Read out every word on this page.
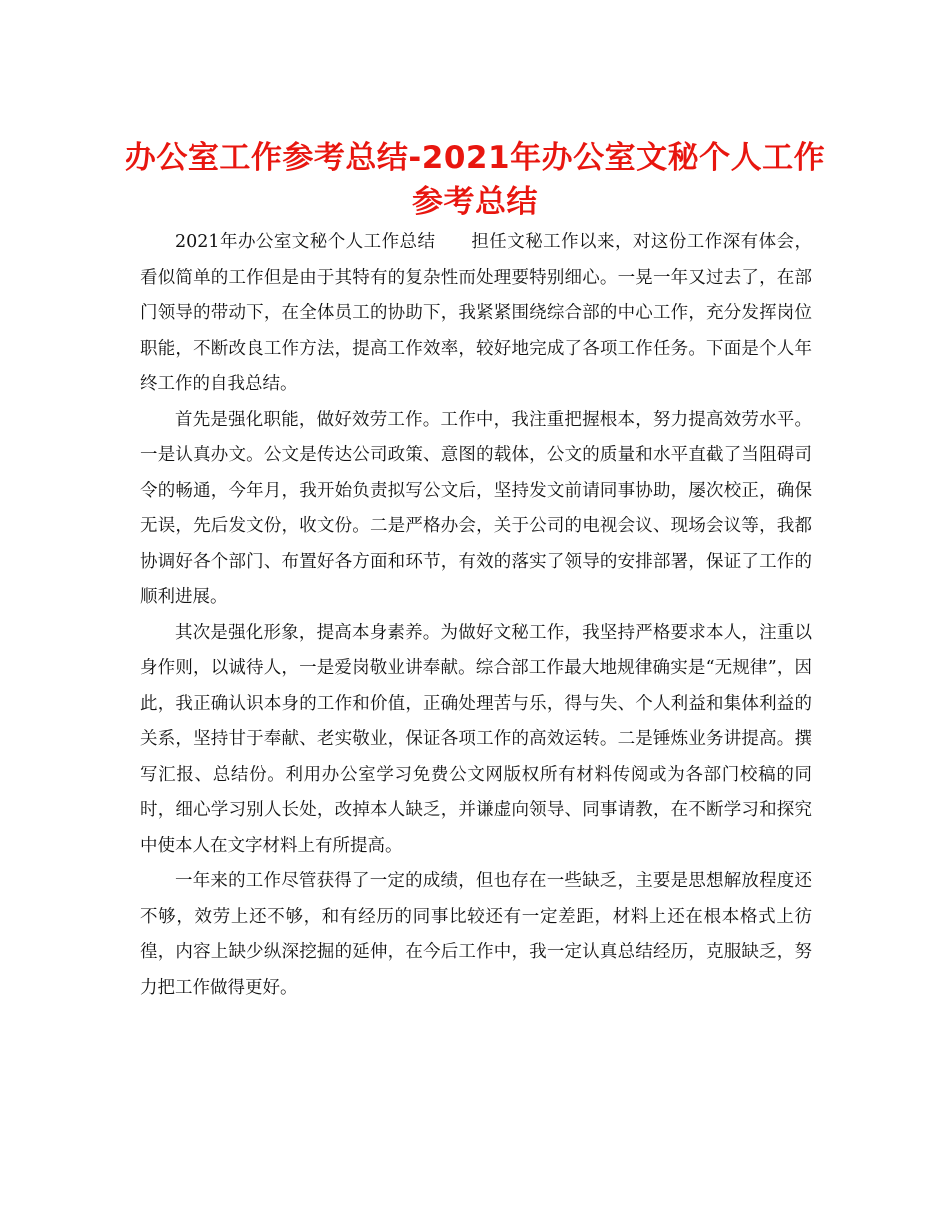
办公室工作参考总结-2021年办公室文秘个人工作参考总结

2021年办公室文秘个人工作总结　　担任文秘工作以来，对这份工作深有体会，看似简单的工作但是由于其特有的复杂性而处理要特别细心。一晃一年又过去了，在部门领导的带动下，在全体员工的协助下，我紧紧围绕综合部的中心工作，充分发挥岗位职能，不断改良工作方法，提高工作效率，较好地完成了各项工作任务。下面是个人年终工作的自我总结。

首先是强化职能，做好效劳工作。工作中，我注重把握根本，努力提高效劳水平。一是认真办文。公文是传达公司政策、意图的载体，公文的质量和水平直截了当阻碍司令的畅通，今年月，我开始负责拟写公文后，坚持发文前请同事协助，屡次校正，确保无误，先后发文份，收文份。二是严格办会，关于公司的电视会议、现场会议等，我都协调好各个部门、布置好各方面和环节，有效的落实了领导的安排部署，保证了工作的顺利进展。

其次是强化形象，提高本身素养。为做好文秘工作，我坚持严格要求本人，注重以身作则，以诚待人，一是爱岗敬业讲奉献。综合部工作最大地规律确实是“无规律”，因此，我正确认识本身的工作和价值，正确处理苦与乐，得与失、个人利益和集体利益的关系，坚持甘于奉献、老实敬业，保证各项工作的高效运转。二是锤炼业务讲提高。撰写汇报、总结份。利用办公室学习免费公文网版权所有材料传阅或为各部门校稿的同时，细心学习别人长处，改掉本人缺乏，并谦虚向领导、同事请教，在不断学习和探究中使本人在文字材料上有所提高。

一年来的工作尽管获得了一定的成绩，但也存在一些缺乏，主要是思想解放程度还不够，效劳上还不够，和有经历的同事比较还有一定差距，材料上还在根本格式上彷徨，内容上缺少纵深挖掘的延伸，在今后工作中，我一定认真总结经历，克服缺乏，努力把工作做得更好。
